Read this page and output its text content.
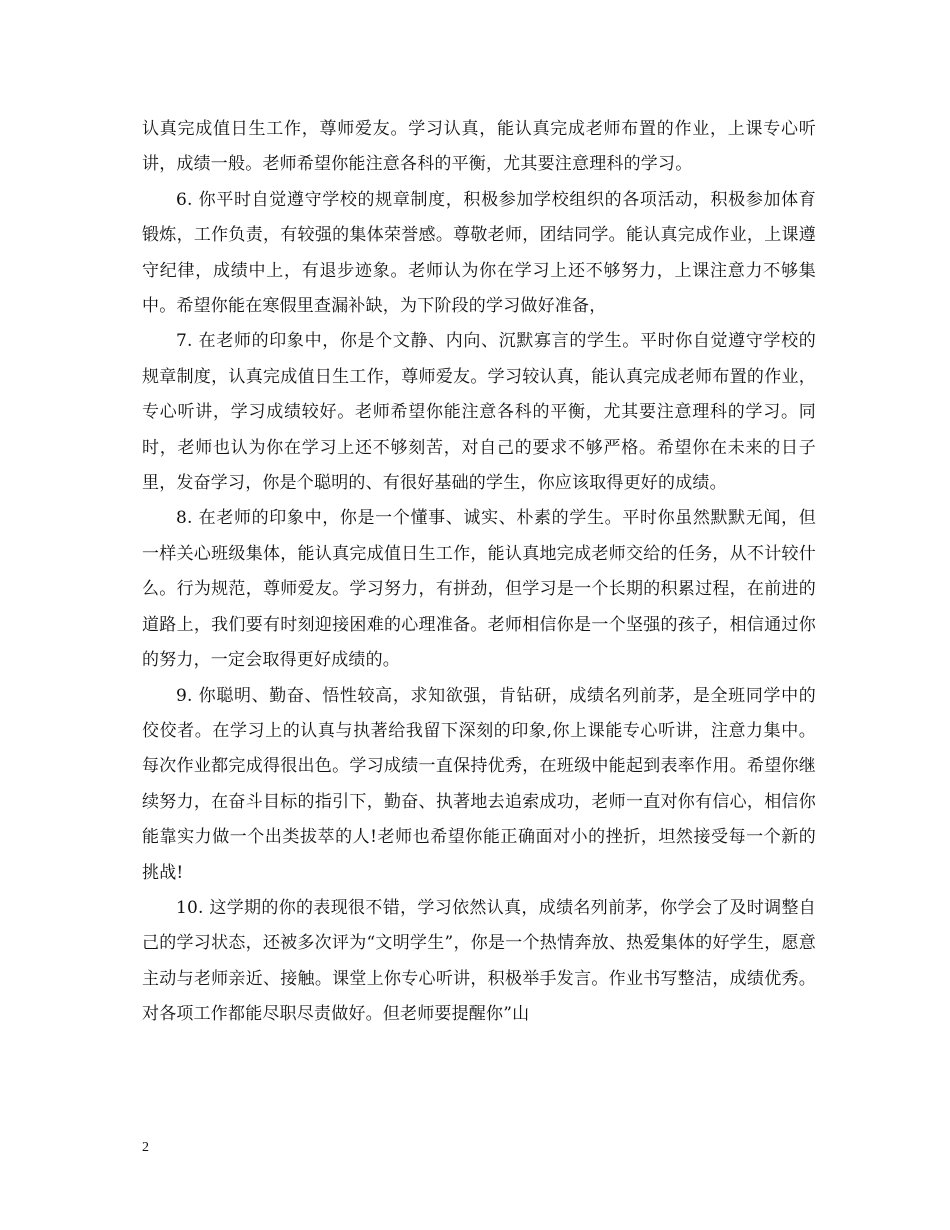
认真完成值日生工作，尊师爱友。学习认真，能认真完成老师布置的作业，上课专心听讲，成绩一般。老师希望你能注意各科的平衡，尤其要注意理科的学习。

6. 你平时自觉遵守学校的规章制度，积极参加学校组织的各项活动，积极参加体育锻炼，工作负责，有较强的集体荣誉感。尊敬老师，团结同学。能认真完成作业，上课遵守纪律，成绩中上，有退步迹象。老师认为你在学习上还不够努力，上课注意力不够集中。希望你能在寒假里查漏补缺，为下阶段的学习做好准备，

7. 在老师的印象中，你是个文静、内向、沉默寡言的学生。平时你自觉遵守学校的规章制度，认真完成值日生工作，尊师爱友。学习较认真，能认真完成老师布置的作业，专心听讲，学习成绩较好。老师希望你能注意各科的平衡，尤其要注意理科的学习。同时，老师也认为你在学习上还不够刻苦，对自己的要求不够严格。希望你在未来的日子里，发奋学习，你是个聪明的、有很好基础的学生，你应该取得更好的成绩。

8. 在老师的印象中，你是一个懂事、诚实、朴素的学生。平时你虽然默默无闻，但一样关心班级集体，能认真完成值日生工作，能认真地完成老师交给的任务，从不计较什么。行为规范，尊师爱友。学习努力，有拼劲，但学习是一个长期的积累过程，在前进的道路上，我们要有时刻迎接困难的心理准备。老师相信你是一个坚强的孩子，相信通过你的努力，一定会取得更好成绩的。

9. 你聪明、勤奋、悟性较高，求知欲强，肯钻研，成绩名列前茅，是全班同学中的佼佼者。在学习上的认真与执著给我留下深刻的印象,你上课能专心听讲，注意力集中。每次作业都完成得很出色。学习成绩一直保持优秀，在班级中能起到表率作用。希望你继续努力，在奋斗目标的指引下，勤奋、执著地去追索成功，老师一直对你有信心，相信你能靠实力做一个出类拔萃的人!老师也希望你能正确面对小的挫折，坦然接受每一个新的挑战!

10. 这学期的你的表现很不错，学习依然认真，成绩名列前茅，你学会了及时调整自己的学习状态，还被多次评为“文明学生”，你是一个热情奔放、热爱集体的好学生，愿意主动与老师亲近、接触。课堂上你专心听讲，积极举手发言。作业书写整洁，成绩优秀。对各项工作都能尽职尽责做好。但老师要提醒你”山

2
